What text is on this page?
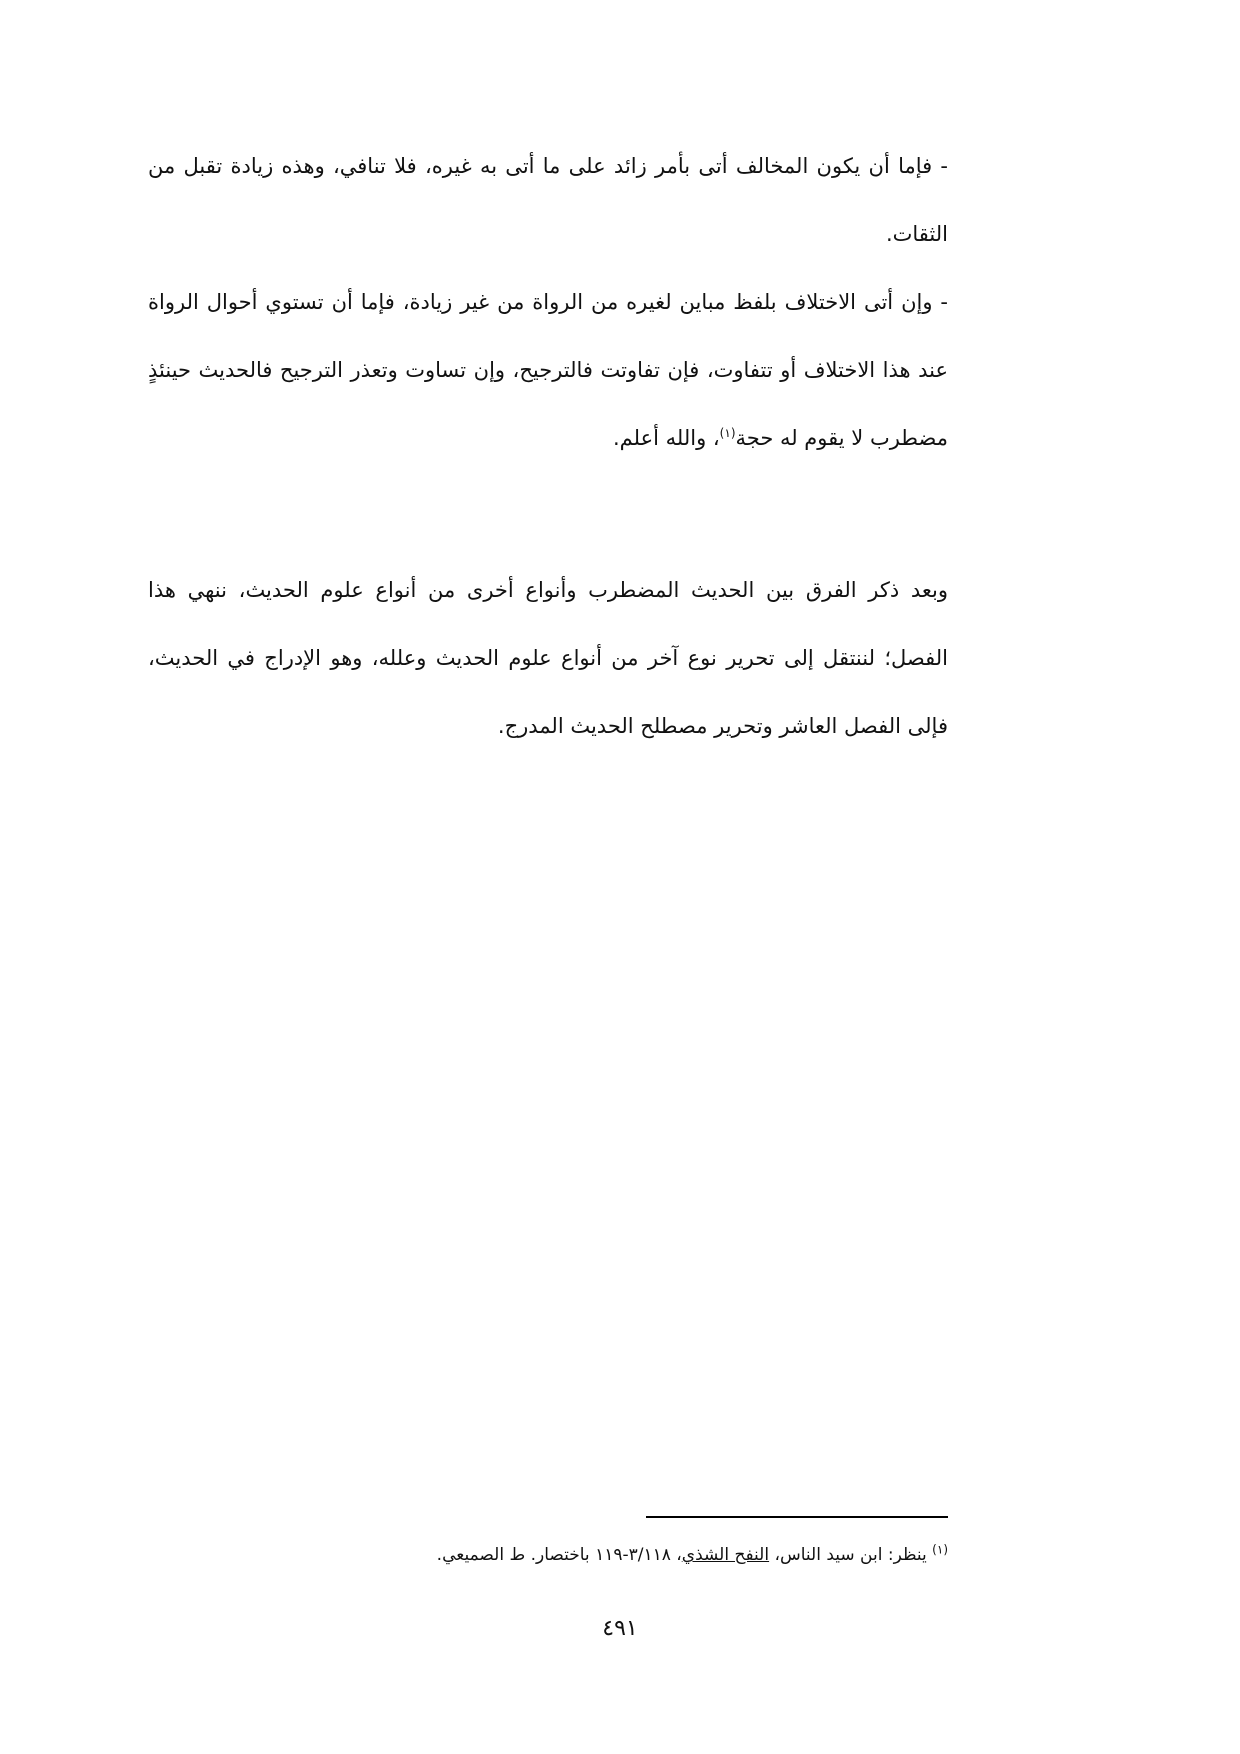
- فإما أن يكون المخالف أتى بأمر زائد على ما أتى به غيره، فلا تنافي، وهذه زيادة تقبل من الثقات.

- وإن أتى الاختلاف بلفظ مباين لغيره من الرواة من غير زيادة، فإما أن تستوي أحوال الرواة عند هذا الاختلاف أو تتفاوت، فإن تفاوتت فالترجيح، وإن تساوت وتعذر الترجيح فالحديث حينئذٍ مضطرب لا يقوم له حجة$^{(١)}$، والله أعلم.

وبعد ذكر الفرق بين الحديث المضطرب وأنواع أخرى من أنواع علوم الحديث، ننهي هذا الفصل؛ لننتقل إلى تحرير نوع آخر من أنواع علوم الحديث وعلله، وهو الإدراج في الحديث، فإلى الفصل العاشر وتحرير مصطلح الحديث المدرج.

$^{(١)}$ ينظر: ابن سيد الناس، النفح الشذي، ٣/١١٨-١١٩ باختصار. ط الصميعي.

٤٩١
